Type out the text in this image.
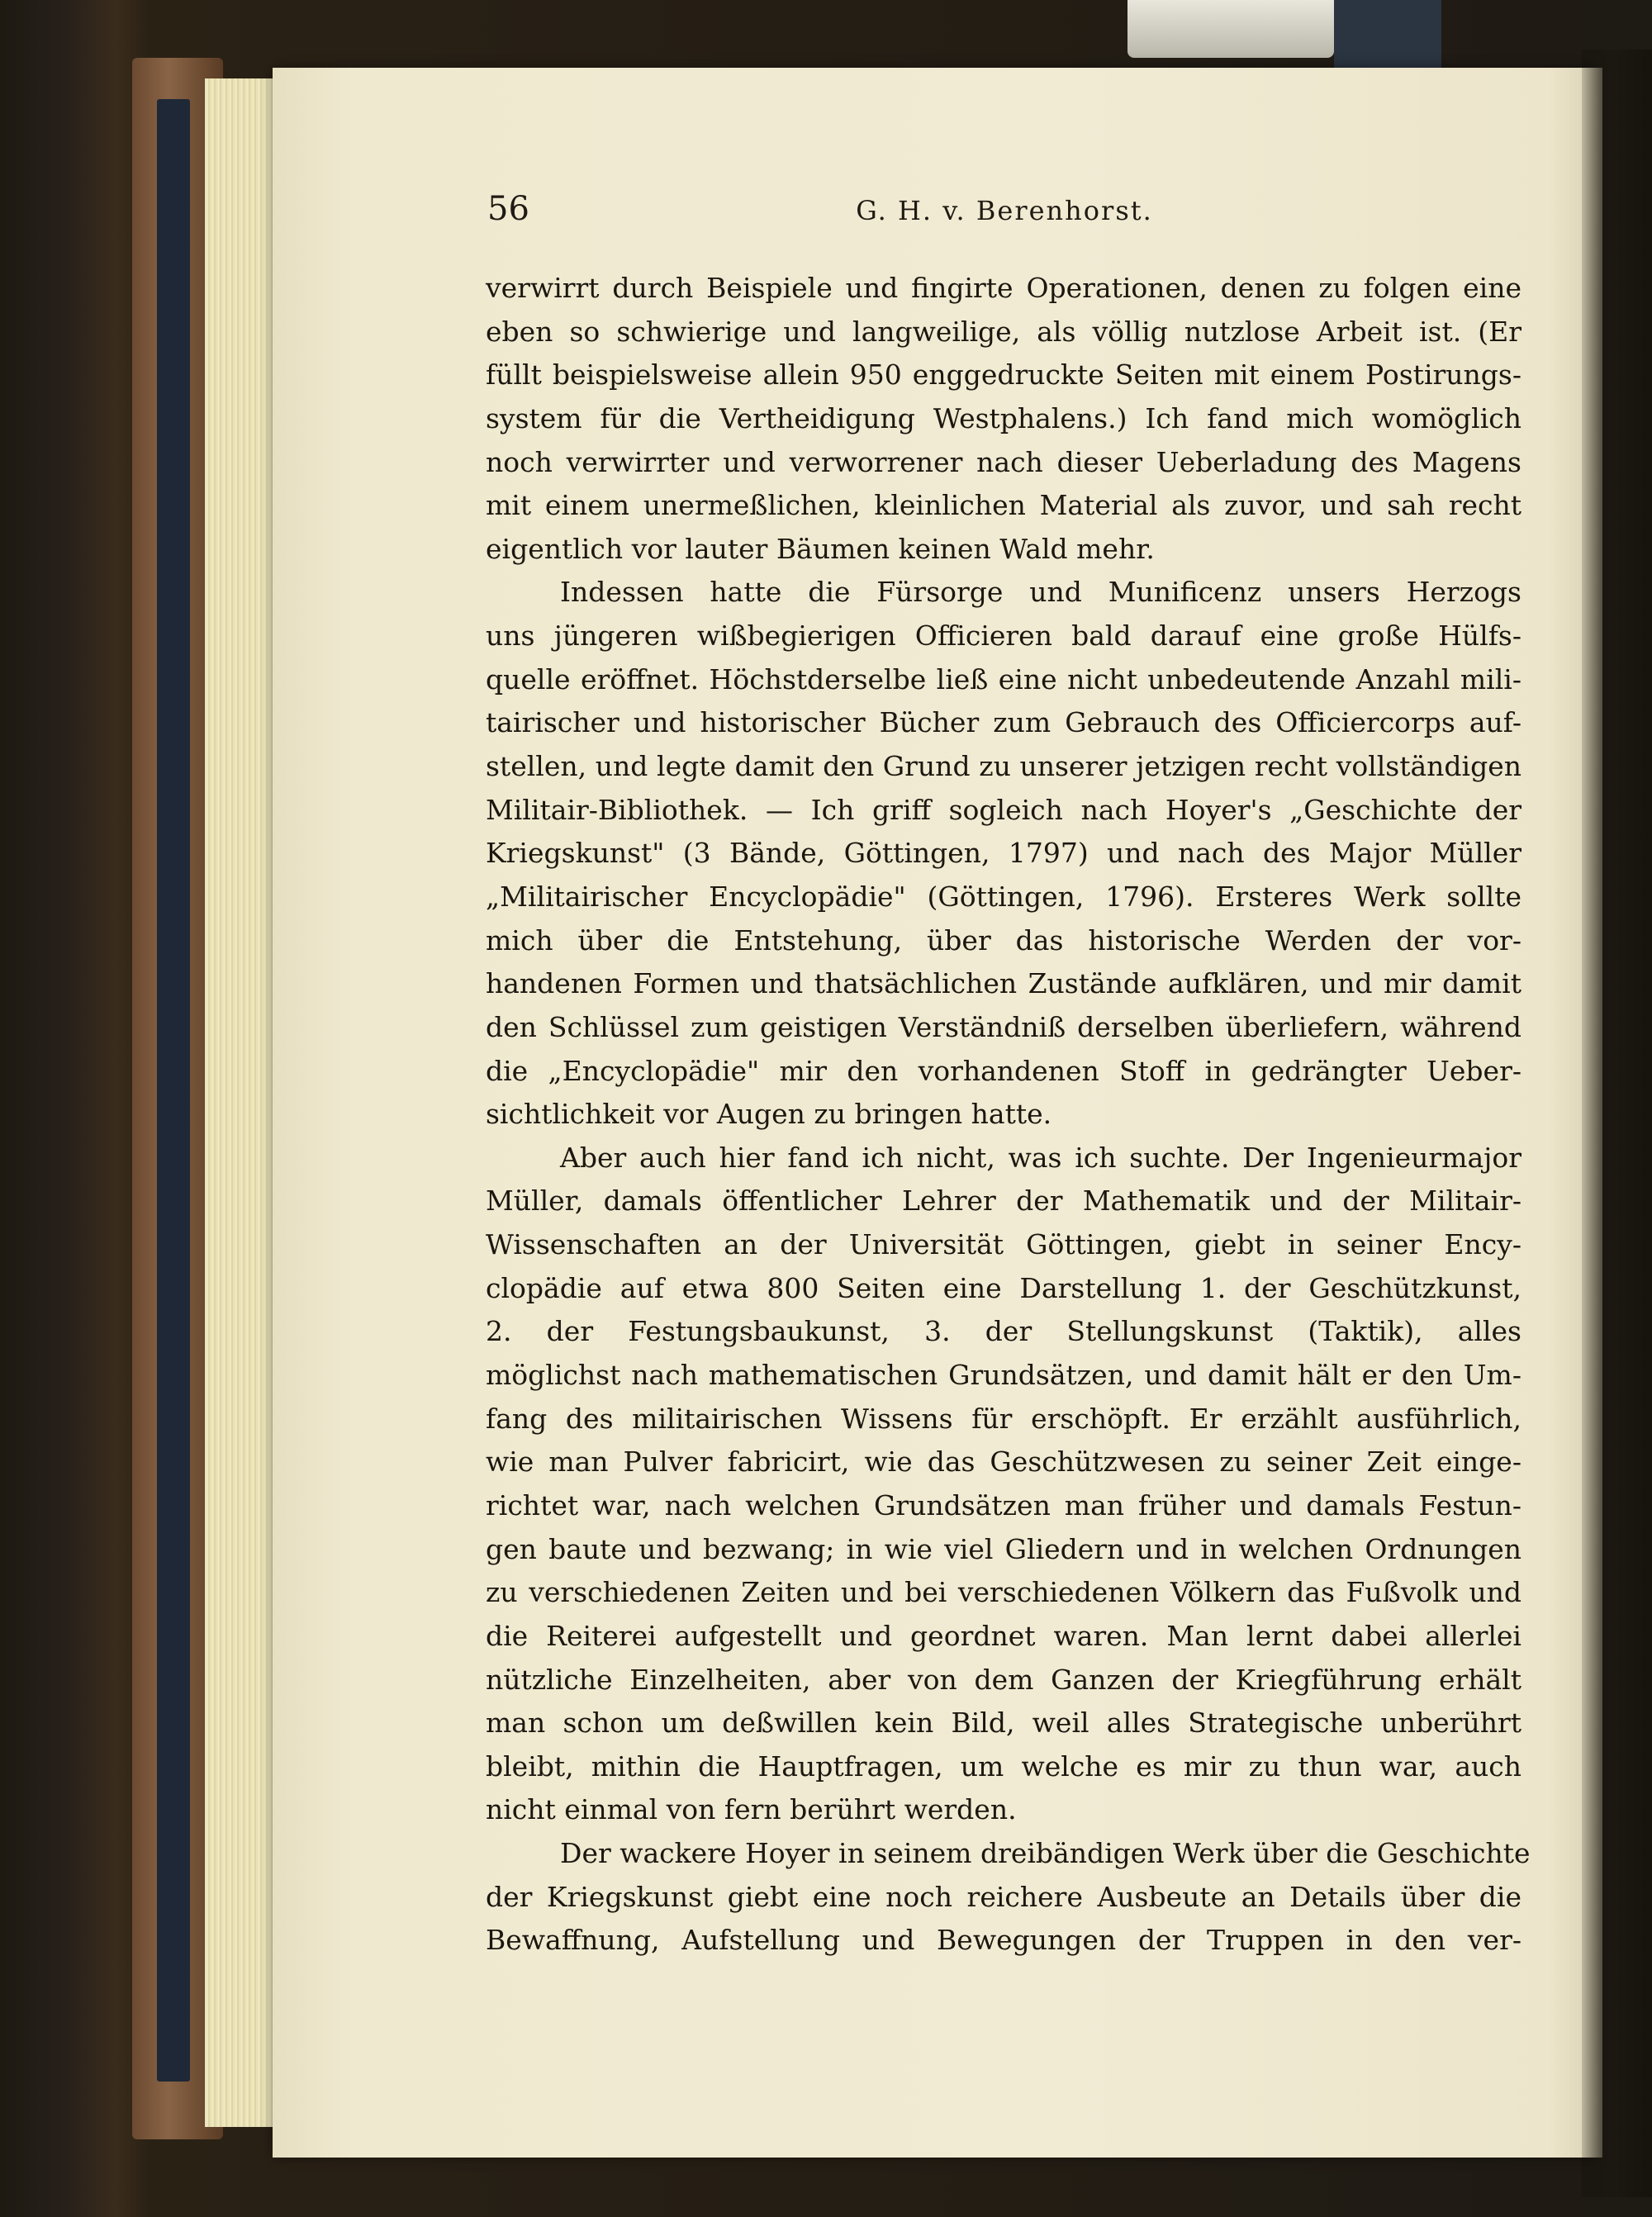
56	G. H. v. Berenhorst.
verwirrt durch Beispiele und fingirte Operationen, denen zu folgen eine
eben so schwierige und langweilige, als völlig nutzlose Arbeit ist. (Er
füllt beispielsweise allein 950 enggedruckte Seiten mit einem Postirungs-
system für die Vertheidigung Westphalens.) Ich fand mich womöglich
noch verwirrter und verworrener nach dieser Ueberladung des Magens
mit einem unermeßlichen, kleinlichen Material als zuvor, und sah recht
eigentlich vor lauter Bäumen keinen Wald mehr.
Indessen hatte die Fürsorge und Munificenz unsers Herzogs
uns jüngeren wißbegierigen Officieren bald darauf eine große Hülfs-
quelle eröffnet. Höchstderselbe ließ eine nicht unbedeutende Anzahl mili-
tairischer und historischer Bücher zum Gebrauch des Officiercorps auf-
stellen, und legte damit den Grund zu unserer jetzigen recht vollständigen
Militair-Bibliothek. — Ich griff sogleich nach Hoyer's „Geschichte der
Kriegskunst" (3 Bände, Göttingen, 1797) und nach des Major Müller
„Militairischer Encyclopädie" (Göttingen, 1796). Ersteres Werk sollte
mich über die Entstehung, über das historische Werden der vor-
handenen Formen und thatsächlichen Zustände aufklären, und mir damit
den Schlüssel zum geistigen Verständniß derselben überliefern, während
die „Encyclopädie" mir den vorhandenen Stoff in gedrängter Ueber-
sichtlichkeit vor Augen zu bringen hatte.
Aber auch hier fand ich nicht, was ich suchte. Der Ingenieurmajor
Müller, damals öffentlicher Lehrer der Mathematik und der Militair-
Wissenschaften an der Universität Göttingen, giebt in seiner Ency-
clopädie auf etwa 800 Seiten eine Darstellung 1. der Geschützkunst,
2. der Festungsbaukunst, 3. der Stellungskunst (Taktik), alles
möglichst nach mathematischen Grundsätzen, und damit hält er den Um-
fang des militairischen Wissens für erschöpft. Er erzählt ausführlich,
wie man Pulver fabricirt, wie das Geschützwesen zu seiner Zeit einge-
richtet war, nach welchen Grundsätzen man früher und damals Festun-
gen baute und bezwang; in wie viel Gliedern und in welchen Ordnungen
zu verschiedenen Zeiten und bei verschiedenen Völkern das Fußvolk und
die Reiterei aufgestellt und geordnet waren. Man lernt dabei allerlei
nützliche Einzelheiten, aber von dem Ganzen der Kriegführung erhält
man schon um deßwillen kein Bild, weil alles Strategische unberührt
bleibt, mithin die Hauptfragen, um welche es mir zu thun war, auch
nicht einmal von fern berührt werden.
Der wackere Hoyer in seinem dreibändigen Werk über die Geschichte
der Kriegskunst giebt eine noch reichere Ausbeute an Details über die
Bewaffnung, Aufstellung und Bewegungen der Truppen in den ver-
